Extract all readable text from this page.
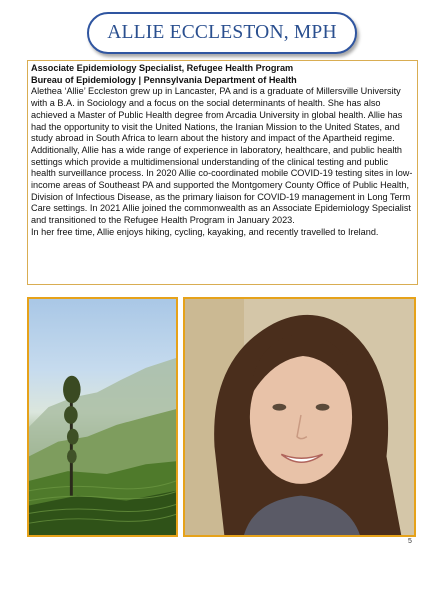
ALLIE ECCLESTON, MPH

Associate Epidemiology Specialist, Refugee Health Program

Bureau of Epidemiology | Pennsylvania Department of Health

Alethea ‘Allie’ Eccleston grew up in Lancaster, PA and is a graduate of Millersville University with a B.A. in Sociology and a focus on the social determinants of health. She has also achieved a Master of Public Health degree from Arcadia University in global health. Allie has had the opportunity to visit the United Nations, the Iranian Mission to the United States, and study abroad in South Africa to learn about the history and impact of the Apartheid regime. Additionally, Allie has a wide range of experience in laboratory, healthcare, and public health settings which provide a multidimensional understanding of the clinical testing and public health surveillance process. In 2020 Allie co-coordinated mobile COVID-19 testing sites in low-income areas of Southeast PA and supported the Montgomery County Office of Public Health, Division of Infectious Disease, as the primary liaison for COVID-19 management in Long Term Care settings. In 2021 Allie joined the commonwealth as an Associate Epidemiology Specialist and transitioned to the Refugee Health Program in January 2023.

In her free time, Allie enjoys hiking, cycling, kayaking, and recently travelled to Ireland.

5
